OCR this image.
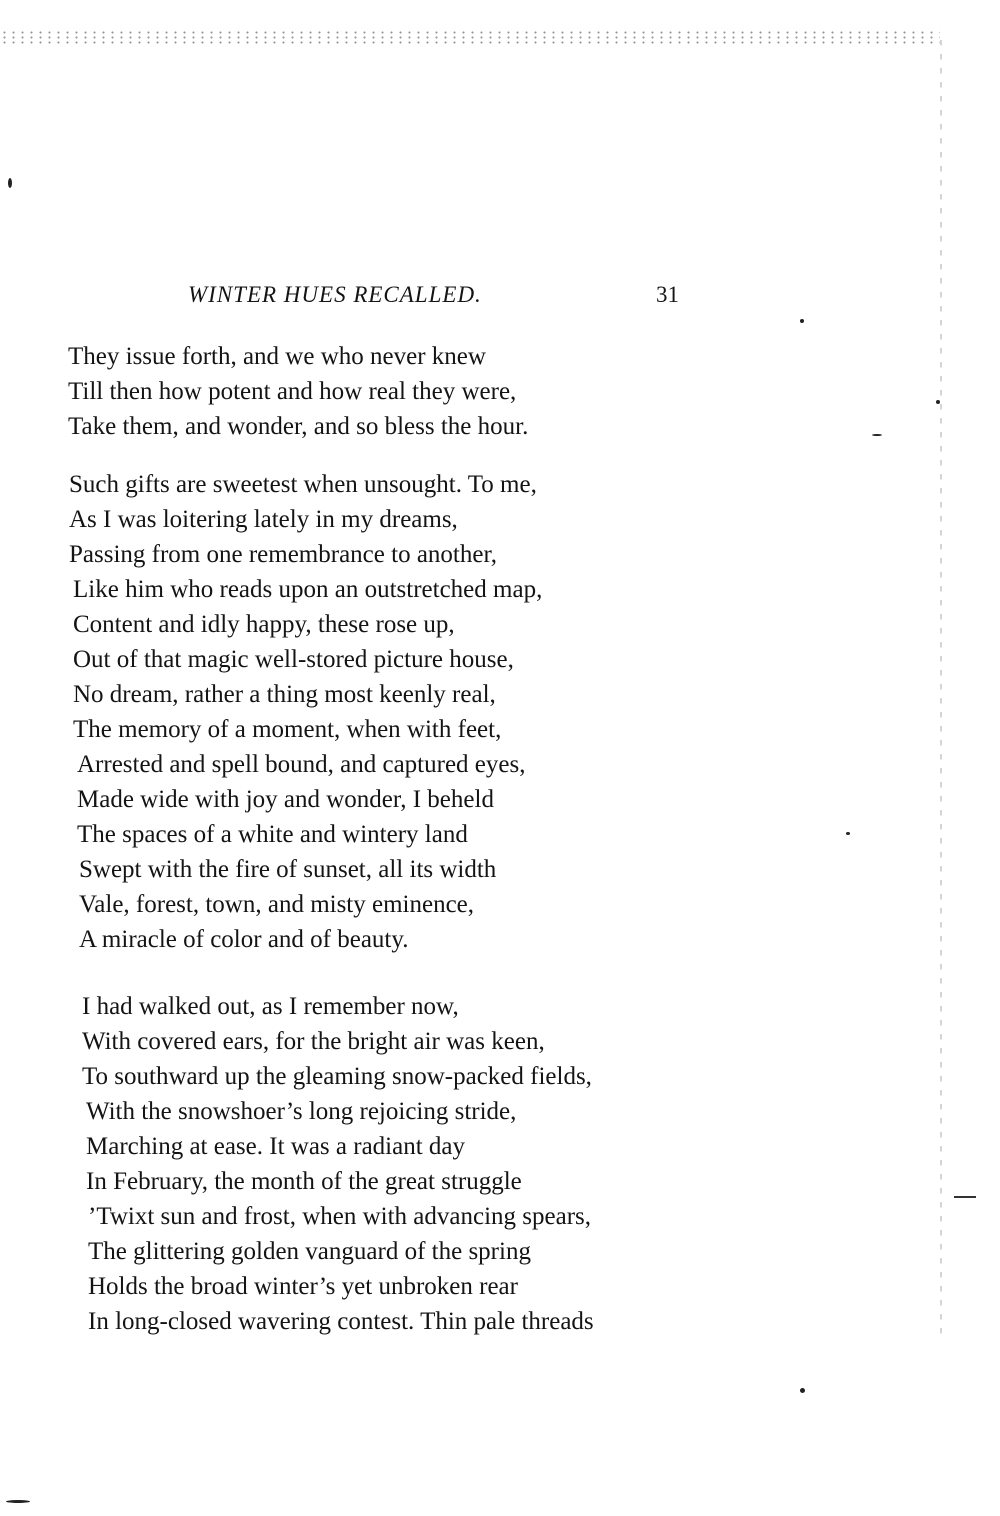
WINTER HUES RECALLED.	31
They issue forth, and we who never knew
Till then how potent and how real they were,
Take them, and wonder, and so bless the hour.
Such gifts are sweetest when unsought. To me,
As I was loitering lately in my dreams,
Passing from one remembrance to another,
Like him who reads upon an outstretched map,
Content and idly happy, these rose up,
Out of that magic well-stored picture house,
No dream, rather a thing most keenly real,
The memory of a moment, when with feet,
Arrested and spell bound, and captured eyes,
Made wide with joy and wonder, I beheld
The spaces of a white and wintery land
Swept with the fire of sunset, all its width
Vale, forest, town, and misty eminence,
A miracle of color and of beauty.
I had walked out, as I remember now,
With covered ears, for the bright air was keen,
To southward up the gleaming snow-packed fields,
With the snowshoer’s long rejoicing stride,
Marching at ease. It was a radiant day
In February, the month of the great struggle
’Twixt sun and frost, when with advancing spears,
The glittering golden vanguard of the spring
Holds the broad winter’s yet unbroken rear
In long-closed wavering contest. Thin pale threads
